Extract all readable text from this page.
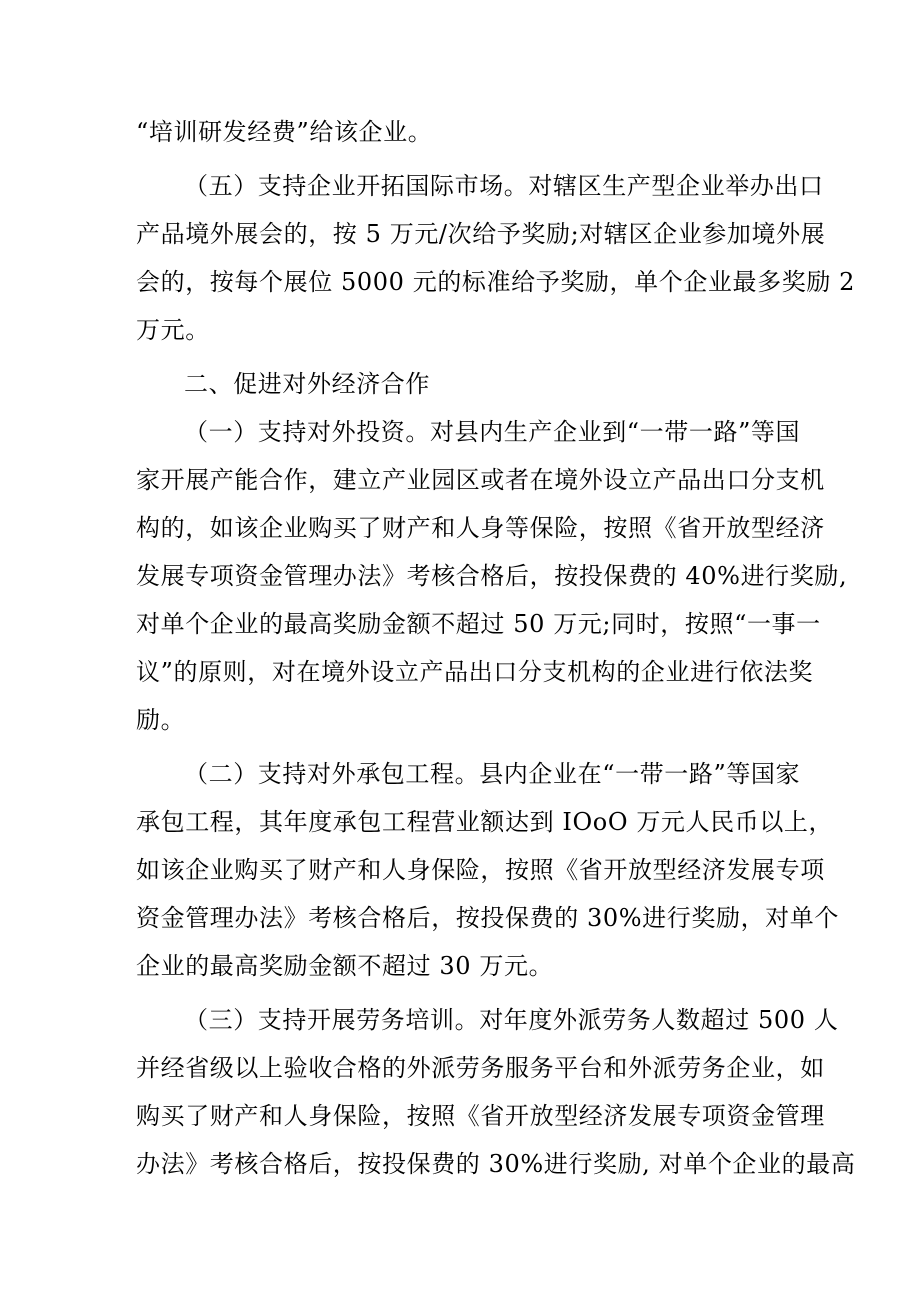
“培训研发经费”给该企业。
（五）支持企业开拓国际市场。对辖区生产型企业举办出口
产品境外展会的，按 5 万元/次给予奖励;对辖区企业参加境外展
会的，按每个展位 5000 元的标准给予奖励，单个企业最多奖励 2
万元。
二、促进对外经济合作
（一）支持对外投资。对县内生产企业到“一带一路”等国
家开展产能合作，建立产业园区或者在境外设立产品出口分支机
构的，如该企业购买了财产和人身等保险，按照《省开放型经济
发展专项资金管理办法》考核合格后，按投保费的 40%进行奖励,
对单个企业的最高奖励金额不超过 50 万元;同时，按照“一事一
议”的原则，对在境外设立产品出口分支机构的企业进行依法奖
励。
（二）支持对外承包工程。县内企业在“一带一路”等国家
承包工程，其年度承包工程营业额达到 IOoO 万元人民币以上，
如该企业购买了财产和人身保险，按照《省开放型经济发展专项
资金管理办法》考核合格后，按投保费的 30%进行奖励，对单个
企业的最高奖励金额不超过 30 万元。
（三）支持开展劳务培训。对年度外派劳务人数超过 500 人
并经省级以上验收合格的外派劳务服务平台和外派劳务企业，如
购买了财产和人身保险，按照《省开放型经济发展专项资金管理
办法》考核合格后，按投保费的 30%进行奖励, 对单个企业的最高
